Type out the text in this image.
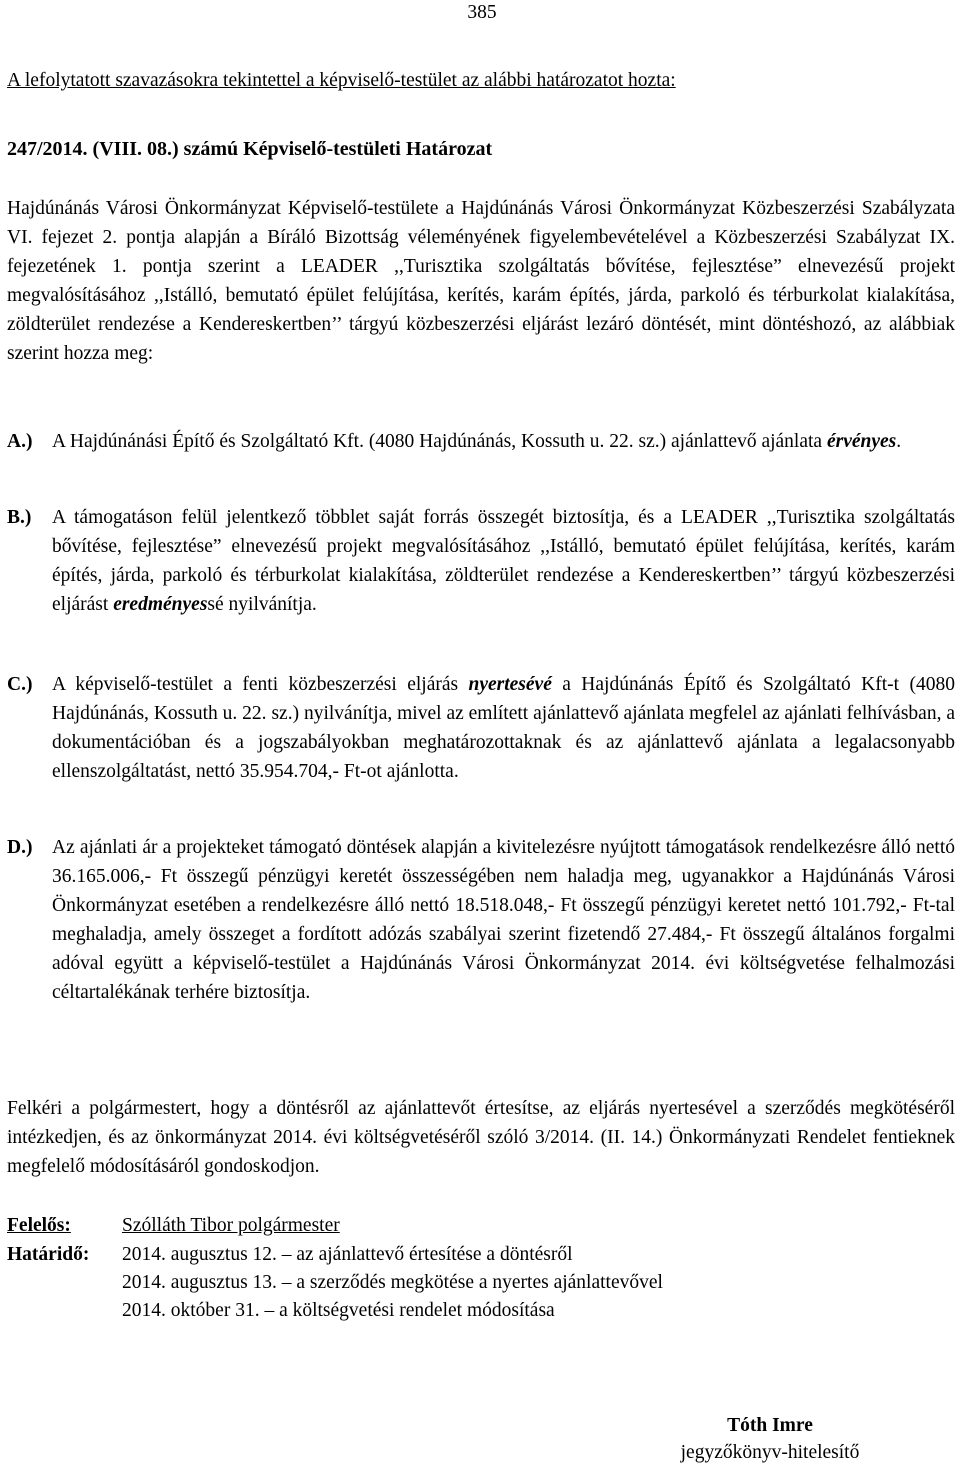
385
A lefolytatott szavazásokra tekintettel a képviselő-testület az alábbi határozatot hozta:
247/2014. (VIII. 08.) számú Képviselő-testületi Határozat
Hajdúnánás Városi Önkormányzat Képviselő-testülete a Hajdúnánás Városi Önkormányzat Közbeszerzési Szabályzata VI. fejezet 2. pontja alapján a Bíráló Bizottság véleményének figyelembevételével a Közbeszerzési Szabályzat IX. fejezetének 1. pontja szerint a LEADER ,,Turisztika szolgáltatás bővítése, fejlesztése” elnevezésű projekt megvalósításához ,,Istálló, bemutató épület felújítása, kerítés, karám építés, járda, parkoló és térburkolat kialakítása, zöldterület rendezése a Kendereskertben’’ tárgyú közbeszerzési eljárást lezáró döntését, mint döntéshozó, az alábbiak szerint hozza meg:
A.) A Hajdúnánási Építő és Szolgáltató Kft. (4080 Hajdúnánás, Kossuth u. 22. sz.) ajánlattevő ajánlata érvényes.
B.) A támogatáson felül jelentkező többlet saját forrás összegét biztosítja, és a LEADER ,,Turisztika szolgáltatás bővítése, fejlesztése” elnevezésű projekt megvalósításához ,,Istálló, bemutató épület felújítása, kerítés, karám építés, járda, parkoló és térburkolat kialakítása, zöldterület rendezése a Kendereskertben’’ tárgyú közbeszerzési eljárást eredményessé nyilvánítja.
C.) A képviselő-testület a fenti közbeszerzési eljárás nyertesévé a Hajdúnánás Építő és Szolgáltató Kft-t (4080 Hajdúnánás, Kossuth u. 22. sz.) nyilvánítja, mivel az említett ajánlattevő ajánlata megfelel az ajánlati felhívásban, a dokumentációban és a jogszabályokban meghatározottaknak és az ajánlattevő ajánlata a legalacsonyabb ellenszolgáltatást, nettó 35.954.704,- Ft-ot ajánlotta.
D.) Az ajánlati ár a projekteket támogató döntések alapján a kivitelezésre nyújtott támogatások rendelkezésre álló nettó 36.165.006,- Ft összegű pénzügyi keretét összességében nem haladja meg, ugyanakkor a Hajdúnánás Városi Önkormányzat esetében a rendelkezésre álló nettó 18.518.048,- Ft összegű pénzügyi keretet nettó 101.792,- Ft-tal meghaladja, amely összeget a fordított adózás szabályai szerint fizetendő 27.484,- Ft összegű általános forgalmi adóval együtt a képviselő-testület a Hajdúnánás Városi Önkormányzat 2014. évi költségvetése felhalmozási céltartalékának terhére biztosítja.
Felkéri a polgármestert, hogy a döntésről az ajánlattevőt értesítse, az eljárás nyertesével a szerződés megkötéséről intézkedjen, és az önkormányzat 2014. évi költségvetéséről szóló 3/2014. (II. 14.) Önkormányzati Rendelet fentieknek megfelelő módosításáról gondoskodjon.
Felelős:	Szólláth Tibor polgármester
Határidő: 2014. augusztus 12. – az ajánlattevő értesítése a döntésről
2014. augusztus 13. – a szerződés megkötése a nyertes ajánlattevővel
2014. október 31. – a költségvetési rendelet módosítása
Tóth Imre
jegyzőkönyv-hitelesítő
